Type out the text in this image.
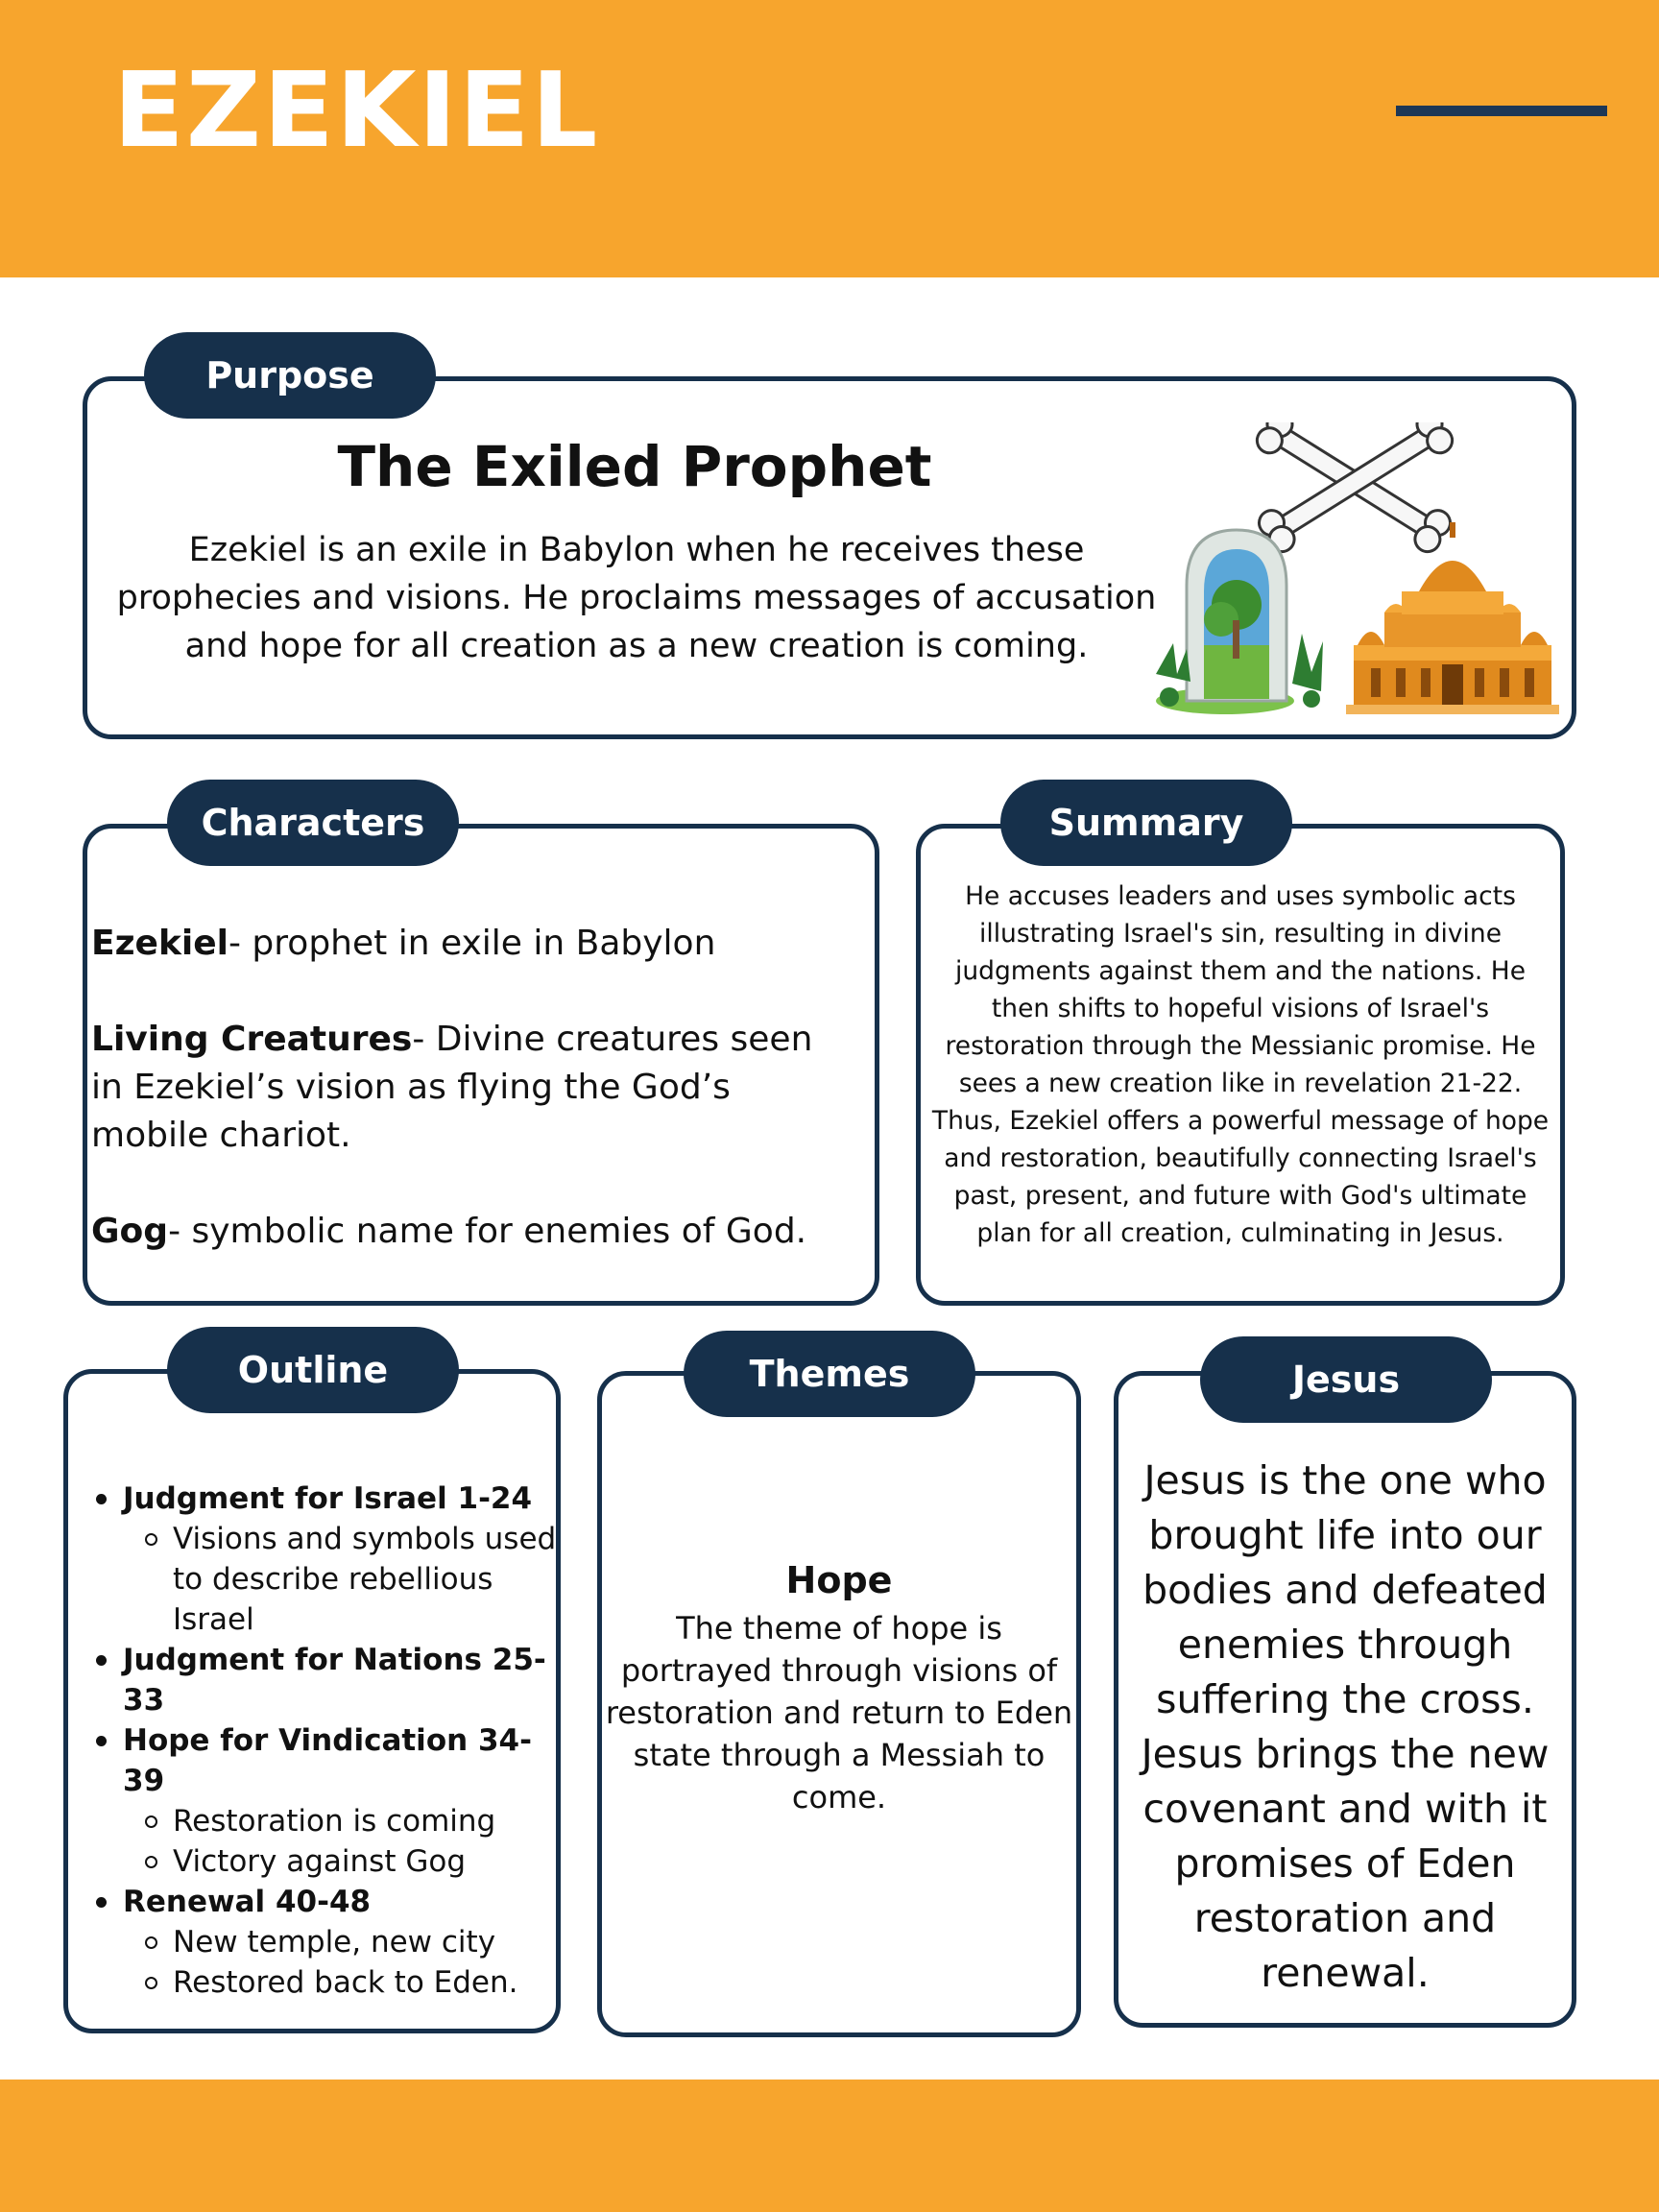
EZEKIEL
Purpose
The Exiled Prophet
Ezekiel is an exile in Babylon when he receives these prophecies and visions. He proclaims messages of accusation and hope for all creation as a new creation is coming.
Characters
Ezekiel- prophet in exile in Babylon
Living Creatures- Divine creatures seen in Ezekiel’s vision as flying the God’s mobile chariot.
Gog- symbolic name for enemies of God.
Summary
He accuses leaders and uses symbolic acts illustrating Israel's sin, resulting in divine judgments against them and the nations. He then shifts to hopeful visions of Israel's restoration through the Messianic promise. He sees a new creation like in revelation 21-22. Thus, Ezekiel offers a powerful message of hope and restoration, beautifully connecting Israel's past, present, and future with God's ultimate plan for all creation, culminating in Jesus.
Outline
Judgment for Israel 1-24
Visions and symbols used to describe rebellious Israel
Judgment for Nations 25-33
Hope for Vindication 34-39
Restoration is coming
Victory against Gog
Renewal 40-48
New temple, new city
Restored back to Eden.
Themes
Hope
The theme of hope is portrayed through visions of restoration and return to Eden state through a Messiah to come.
Jesus
Jesus is the one who brought life into our bodies and defeated enemies through suffering the cross. Jesus brings the new covenant and with it promises of Eden restoration and renewal.
